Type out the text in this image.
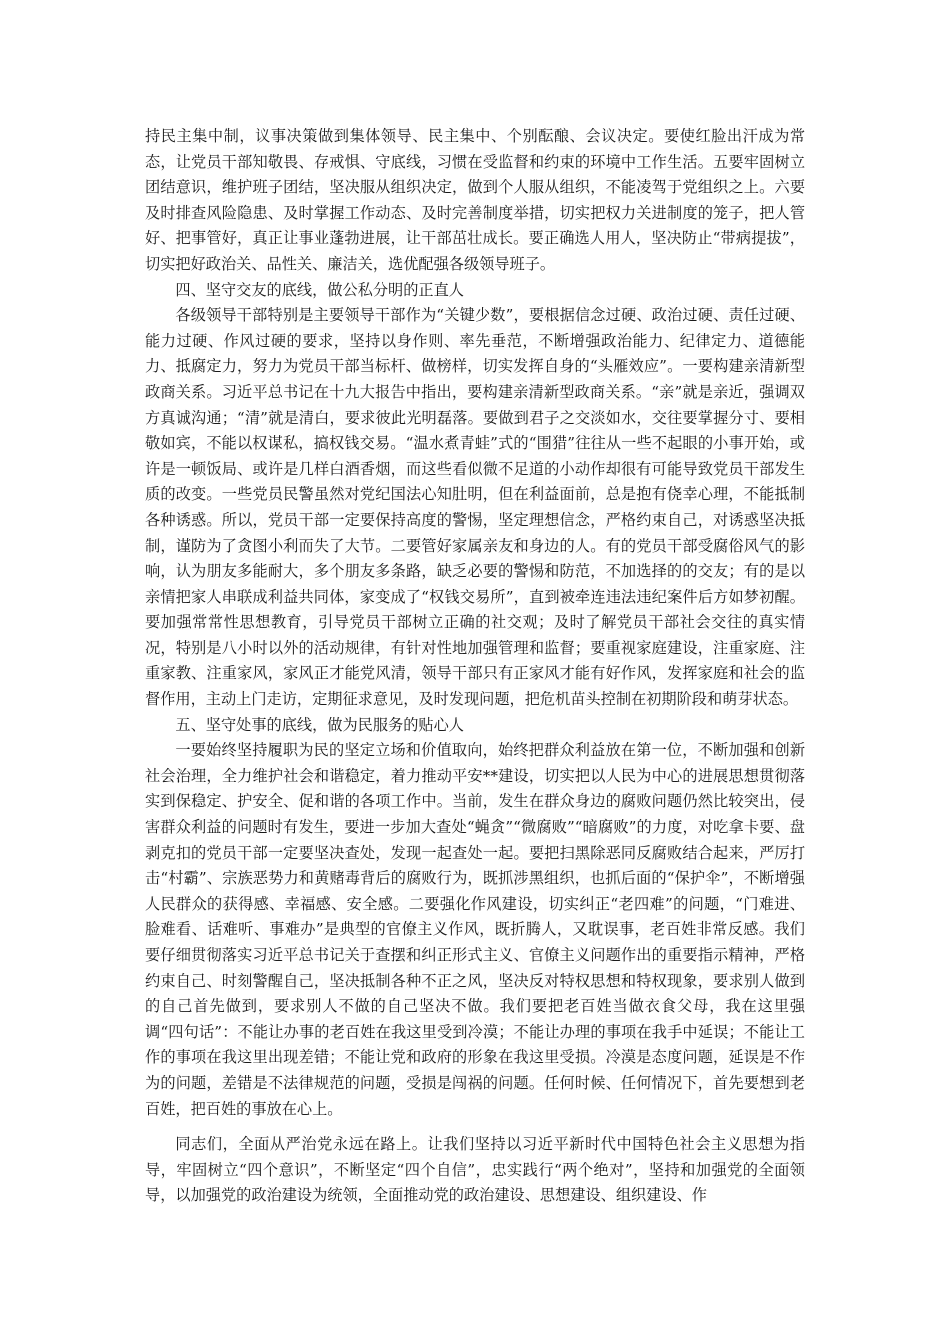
持民主集中制，议事决策做到集体领导、民主集中、个别酝酿、会议决定。要使红脸出汗成为常态，让党员干部知敬畏、存戒惧、守底线，习惯在受监督和约束的环境中工作生活。五要牢固树立团结意识，维护班子团结，坚决服从组织决定，做到个人服从组织，不能凌驾于党组织之上。六要及时排查风险隐患、及时掌握工作动态、及时完善制度举措，切实把权力关进制度的笼子，把人管好、把事管好，真正让事业蓬勃进展，让干部茁壮成长。要正确选人用人，坚决防止“带病提拔”，切实把好政治关、品性关、廉洁关，选优配强各级领导班子。

四、坚守交友的底线，做公私分明的正直人

各级领导干部特别是主要领导干部作为“关键少数”，要根据信念过硬、政治过硬、责任过硬、能力过硬、作风过硬的要求，坚持以身作则、率先垂范，不断增强政治能力、纪律定力、道德能力、抵腐定力，努力为党员干部当标杆、做榜样，切实发挥自身的“头雁效应”。一要构建亲清新型政商关系。习近平总书记在十九大报告中指出，要构建亲清新型政商关系。“亲”就是亲近，强调双方真诚沟通；“清”就是清白，要求彼此光明磊落。要做到君子之交淡如水，交往要掌握分寸、要相敬如宾，不能以权谋私，搞权钱交易。“温水煮青蛙”式的“围猎”往往从一些不起眼的小事开始，或许是一顿饭局、或许是几样白酒香烟，而这些看似微不足道的小动作却很有可能导致党员干部发生质的改变。一些党员民警虽然对党纪国法心知肚明，但在利益面前，总是抱有侥幸心理，不能抵制各种诱惑。所以，党员干部一定要保持高度的警惕，坚定理想信念，严格约束自己，对诱惑坚决抵制，谨防为了贪图小利而失了大节。二要管好家属亲友和身边的人。有的党员干部受腐俗风气的影响，认为朋友多能耐大，多个朋友多条路，缺乏必要的警惕和防范，不加选择的的交友；有的是以亲情把家人串联成利益共同体，家变成了“权钱交易所”，直到被牵连违法违纪案件后方如梦初醒。要加强常常性思想教育，引导党员干部树立正确的社交观；及时了解党员干部社会交往的真实情况，特别是八小时以外的活动规律，有针对性地加强管理和监督；要重视家庭建设，注重家庭、注重家教、注重家风，家风正才能党风清，领导干部只有正家风才能有好作风，发挥家庭和社会的监督作用，主动上门走访，定期征求意见，及时发现问题，把危机苗头控制在初期阶段和萌芽状态。

五、坚守处事的底线，做为民服务的贴心人

一要始终坚持履职为民的坚定立场和价值取向，始终把群众利益放在第一位，不断加强和创新社会治理，全力维护社会和谐稳定，着力推动平安**建设，切实把以人民为中心的进展思想贯彻落实到保稳定、护安全、促和谐的各项工作中。当前，发生在群众身边的腐败问题仍然比较突出，侵害群众利益的问题时有发生，要进一步加大查处“蝇贪”“微腐败”“暗腐败”的力度，对吃拿卡要、盘剥克扣的党员干部一定要坚决查处，发现一起查处一起。要把扫黑除恶同反腐败结合起来，严厉打击“村霸”、宗族恶势力和黄赌毒背后的腐败行为，既抓涉黑组织，也抓后面的“保护伞”，不断增强人民群众的获得感、幸福感、安全感。二要强化作风建设，切实纠正“老四难”的问题，“门难进、脸难看、话难听、事难办”是典型的官僚主义作风，既折腾人，又耽误事，老百姓非常反感。我们要仔细贯彻落实习近平总书记关于查摆和纠正形式主义、官僚主义问题作出的重要指示精神，严格约束自己、时刻警醒自己，坚决抵制各种不正之风，坚决反对特权思想和特权现象，要求别人做到的自己首先做到，要求别人不做的自己坚决不做。我们要把老百姓当做衣食父母，我在这里强调“四句话”：不能让办事的老百姓在我这里受到冷漠；不能让办理的事项在我手中延误；不能让工作的事项在我这里出现差错；不能让党和政府的形象在我这里受损。冷漠是态度问题，延误是不作为的问题，差错是不法律规范的问题，受损是闯祸的问题。任何时候、任何情况下，首先要想到老百姓，把百姓的事放在心上。

同志们，全面从严治党永远在路上。让我们坚持以习近平新时代中国特色社会主义思想为指导，牢固树立“四个意识”，不断坚定“四个自信”，忠实践行“两个绝对”，坚持和加强党的全面领导，以加强党的政治建设为统领，全面推动党的政治建设、思想建设、组织建设、作
